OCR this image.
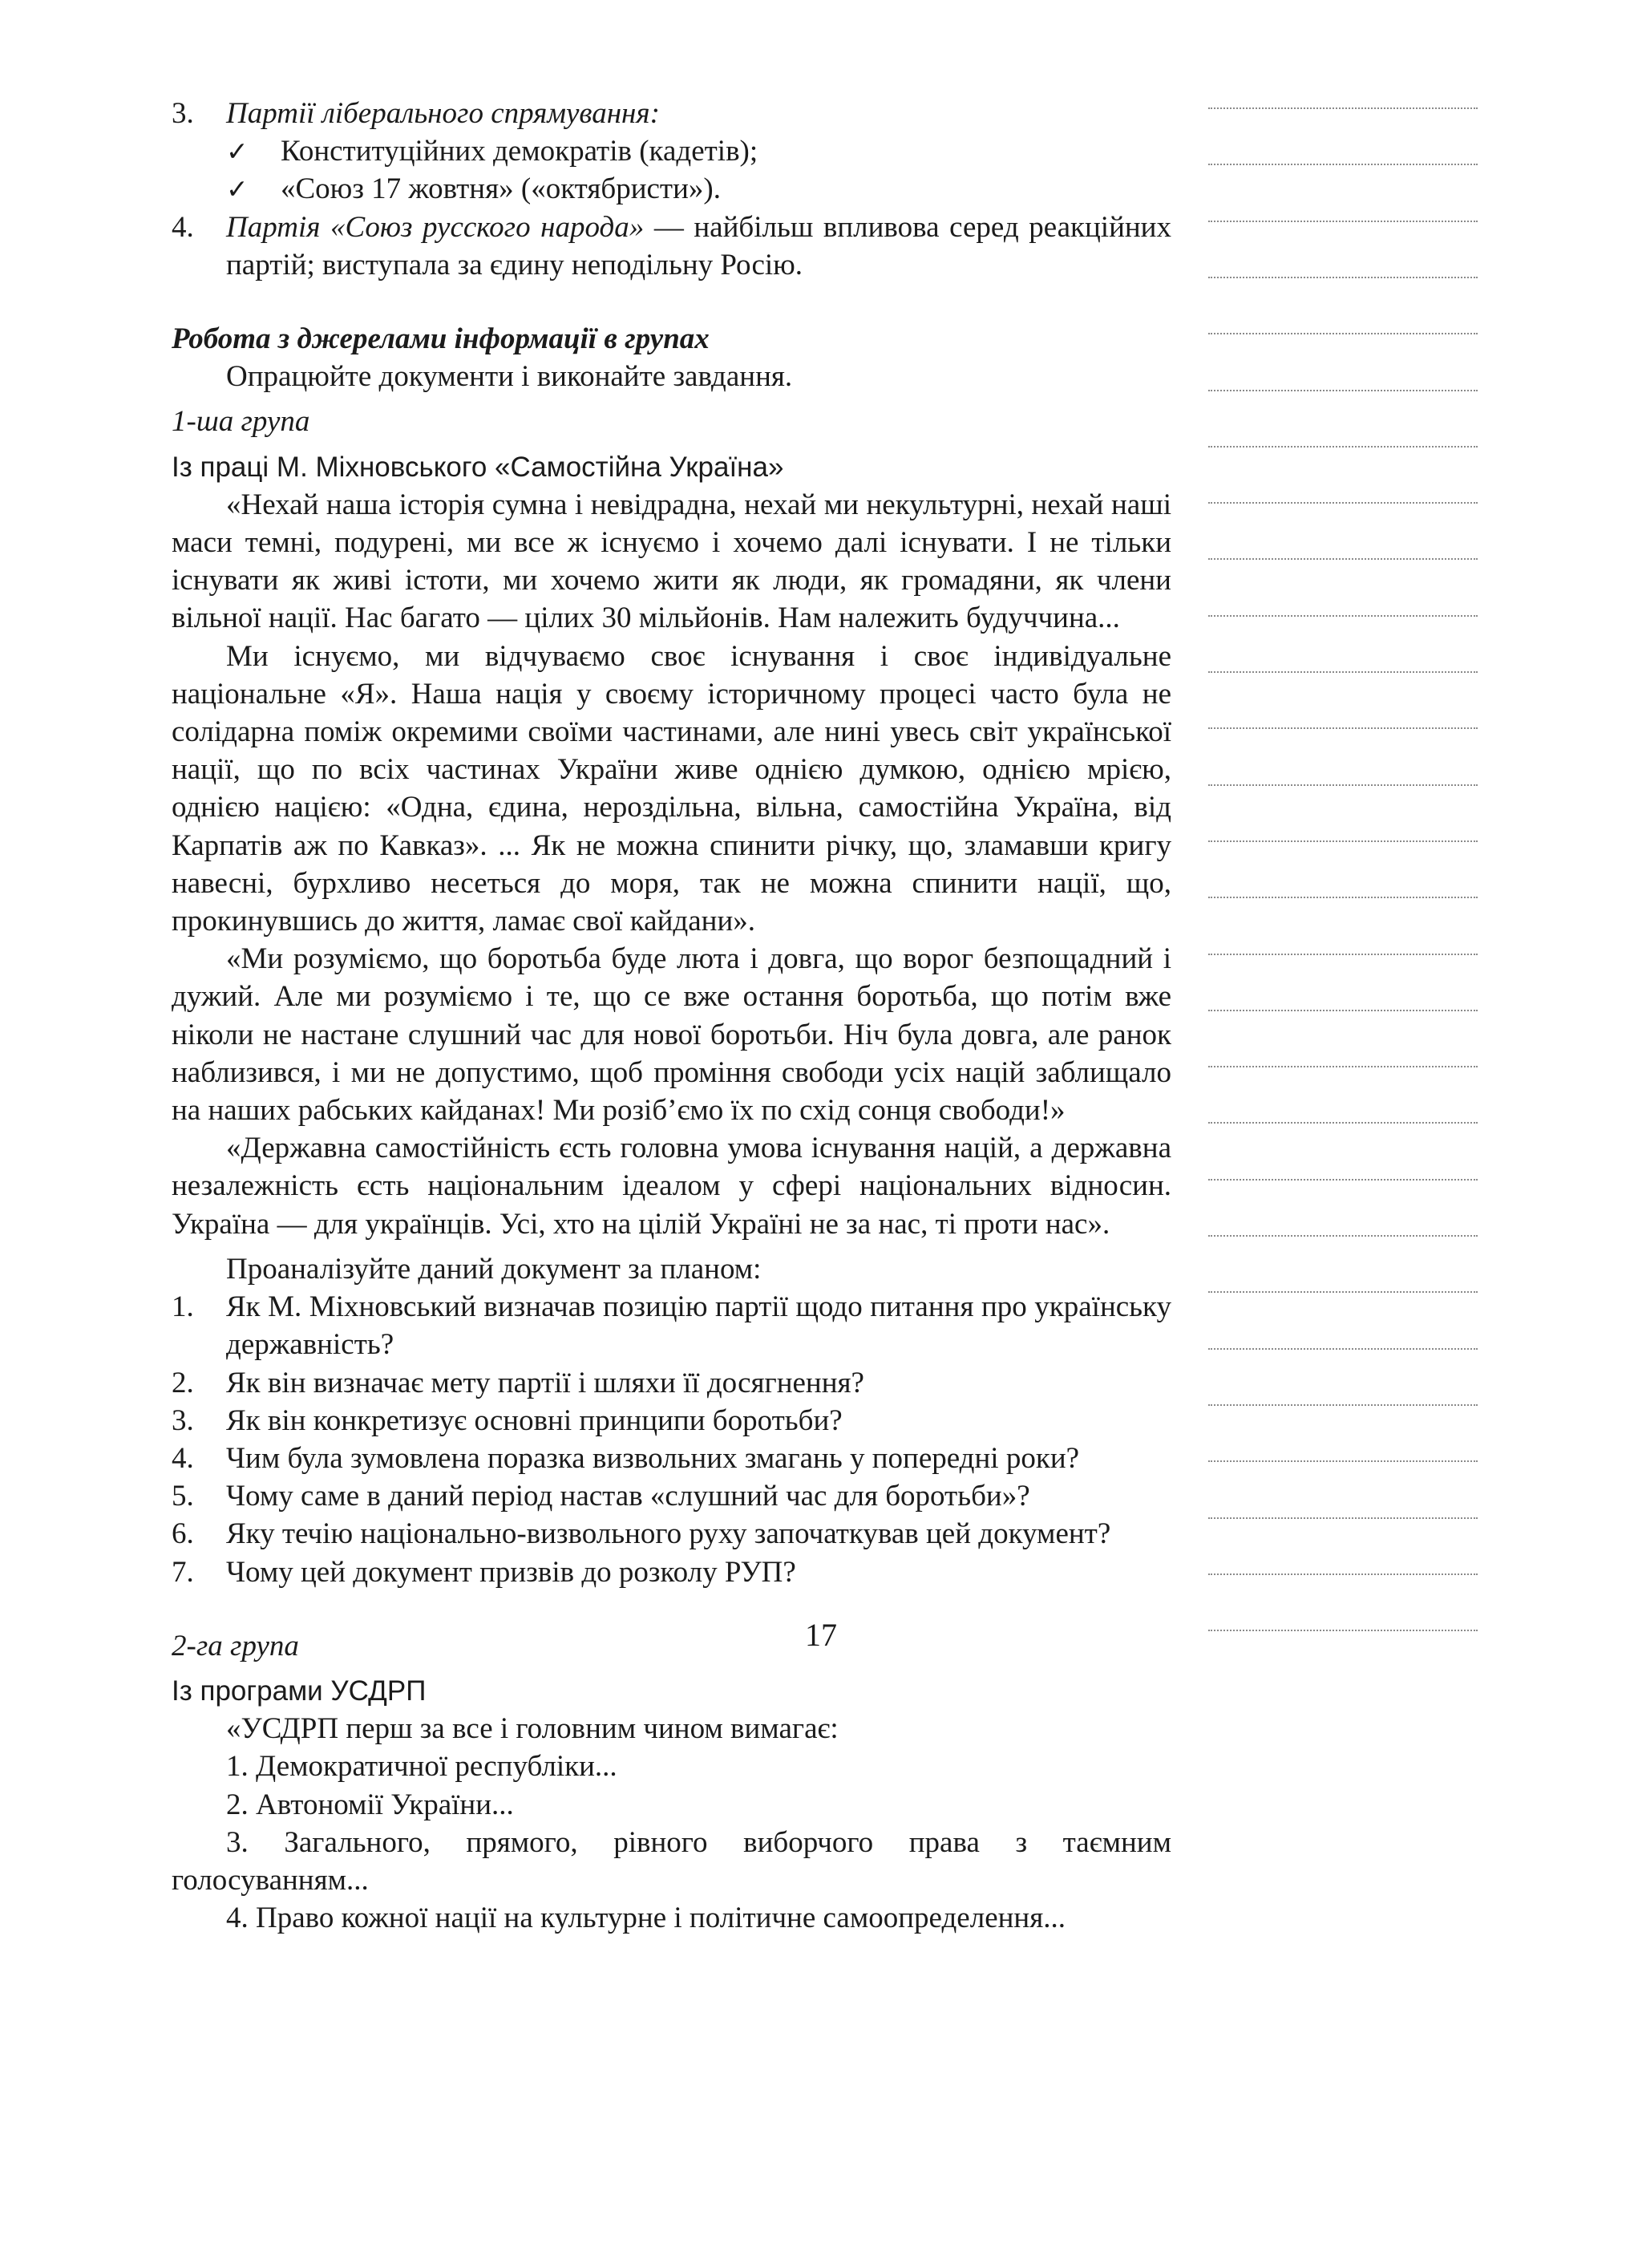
3. Партії ліберального спрямування:

✓ Конституційних демократів (кадетів);

✓ «Союз 17 жовтня» («октябристи»).

4. Партія «Союз русского народа» — найбільш впливова серед реакційних партій; виступала за єдину неподільну Росію.

Робота з джерелами інформації в групах

Опрацюйте документи і виконайте завдання.

1-ша група

Із праці М. Міхновського «Самостійна Україна»

«Нехай наша історія сумна і невідрадна, нехай ми некультурні, нехай наші маси темні, подурені, ми все ж існуємо і хочемо далі існувати. І не тільки існувати як живі істоти, ми хочемо жити як люди, як громадяни, як члени вільної нації. Нас багато — цілих 30 мільйонів. Нам належить будуччина...

Ми існуємо, ми відчуваємо своє існування і своє індивідуальне національне «Я». Наша нація у своєму історичному процесі часто була не солідарна поміж окремими своїми частинами, але нині увесь світ української нації, що по всіх частинах України живе однією думкою, однією мрією, однією нацією: «Одна, єдина, нероздільна, вільна, самостійна Україна, від Карпатів аж по Кавказ». ... Як не можна спинити річку, що, зламавши кригу навесні, бурхливо несеться до моря, так не можна спинити нації, що, прокинувшись до життя, ламає свої кайдани».

«Ми розуміємо, що боротьба буде люта і довга, що ворог безпощадний і дужий. Але ми розуміємо і те, що се вже остання боротьба, що потім вже ніколи не настане слушний час для нової боротьби. Ніч була довга, але ранок наблизився, і ми не допустимо, щоб проміння свободи усіх націй заблищало на наших рабських кайданах! Ми розіб’ємо їх по схід сонця свободи!»

«Державна самостійність єсть головна умова існування націй, а державна незалежність єсть національним ідеалом у сфері національних відносин. Україна — для українців. Усі, хто на цілій Україні не за нас, ті проти нас».

Проаналізуйте даний документ за планом:

1. Як М. Міхновський визначав позицію партії щодо питання про українську державність?

2. Як він визначає мету партії і шляхи її досягнення?

3. Як він конкретизує основні принципи боротьби?

4. Чим була зумовлена поразка визвольних змагань у попередні роки?

5. Чому саме в даний період настав «слушний час для боротьби»?

6. Яку течію національно-визвольного руху започаткував цей документ?

7. Чому цей документ призвів до розколу РУП?

2-га група

Із програми УСДРП

«УСДРП перш за все і головним чином вимагає:

1. Демократичної республіки...

2. Автономії України...

3. Загального, прямого, рівного виборчого права з таємним голосуванням...

4. Право кожної нації на культурне і політичне самоопределення...

17
